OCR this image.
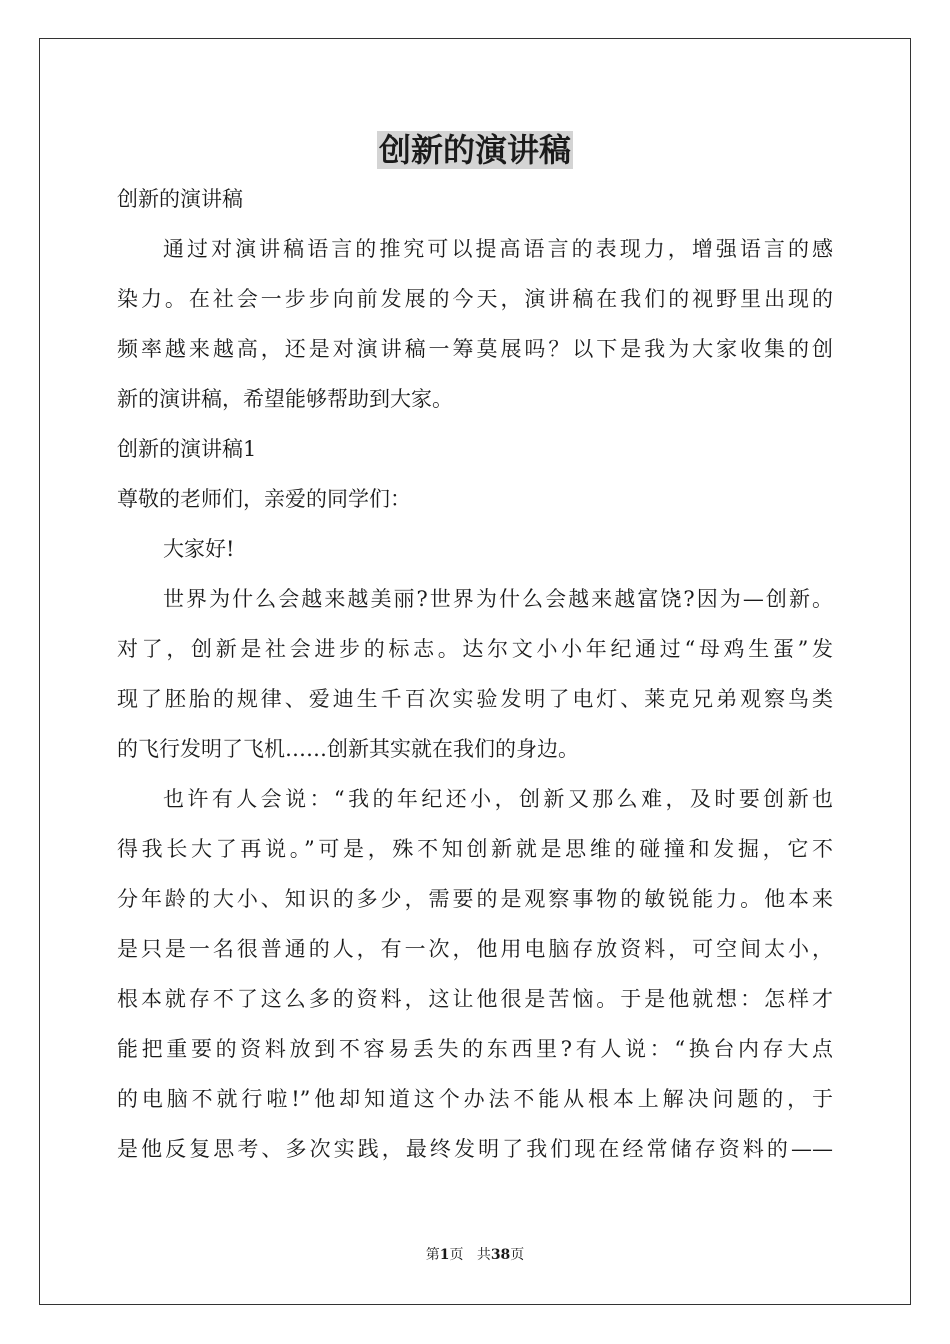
创新的演讲稿
创新的演讲稿
通过对演讲稿语言的推究可以提高语言的表现力，增强语言的感
染力。在社会一步步向前发展的今天，演讲稿在我们的视野里出现的
频率越来越高，还是对演讲稿一筹莫展吗？以下是我为大家收集的创
新的演讲稿，希望能够帮助到大家。
创新的演讲稿1
尊敬的老师们，亲爱的同学们：
大家好!
世界为什么会越来越美丽?世界为什么会越来越富饶?因为—创新。
对了，创新是社会进步的标志。达尔文小小年纪通过“母鸡生蛋”发
现了胚胎的规律、爱迪生千百次实验发明了电灯、莱克兄弟观察鸟类
的飞行发明了飞机……创新其实就在我们的身边。
也许有人会说：“我的年纪还小，创新又那么难，及时要创新也
得我长大了再说。”可是，殊不知创新就是思维的碰撞和发掘，它不
分年龄的大小、知识的多少，需要的是观察事物的敏锐能力。他本来
是只是一名很普通的人，有一次，他用电脑存放资料，可空间太小，
根本就存不了这么多的资料，这让他很是苦恼。于是他就想：怎样才
能把重要的资料放到不容易丢失的东西里?有人说：“换台内存大点
的电脑不就行啦!”他却知道这个办法不能从根本上解决问题的，于
是他反复思考、多次实践，最终发明了我们现在经常储存资料的——
第1页 共38页
